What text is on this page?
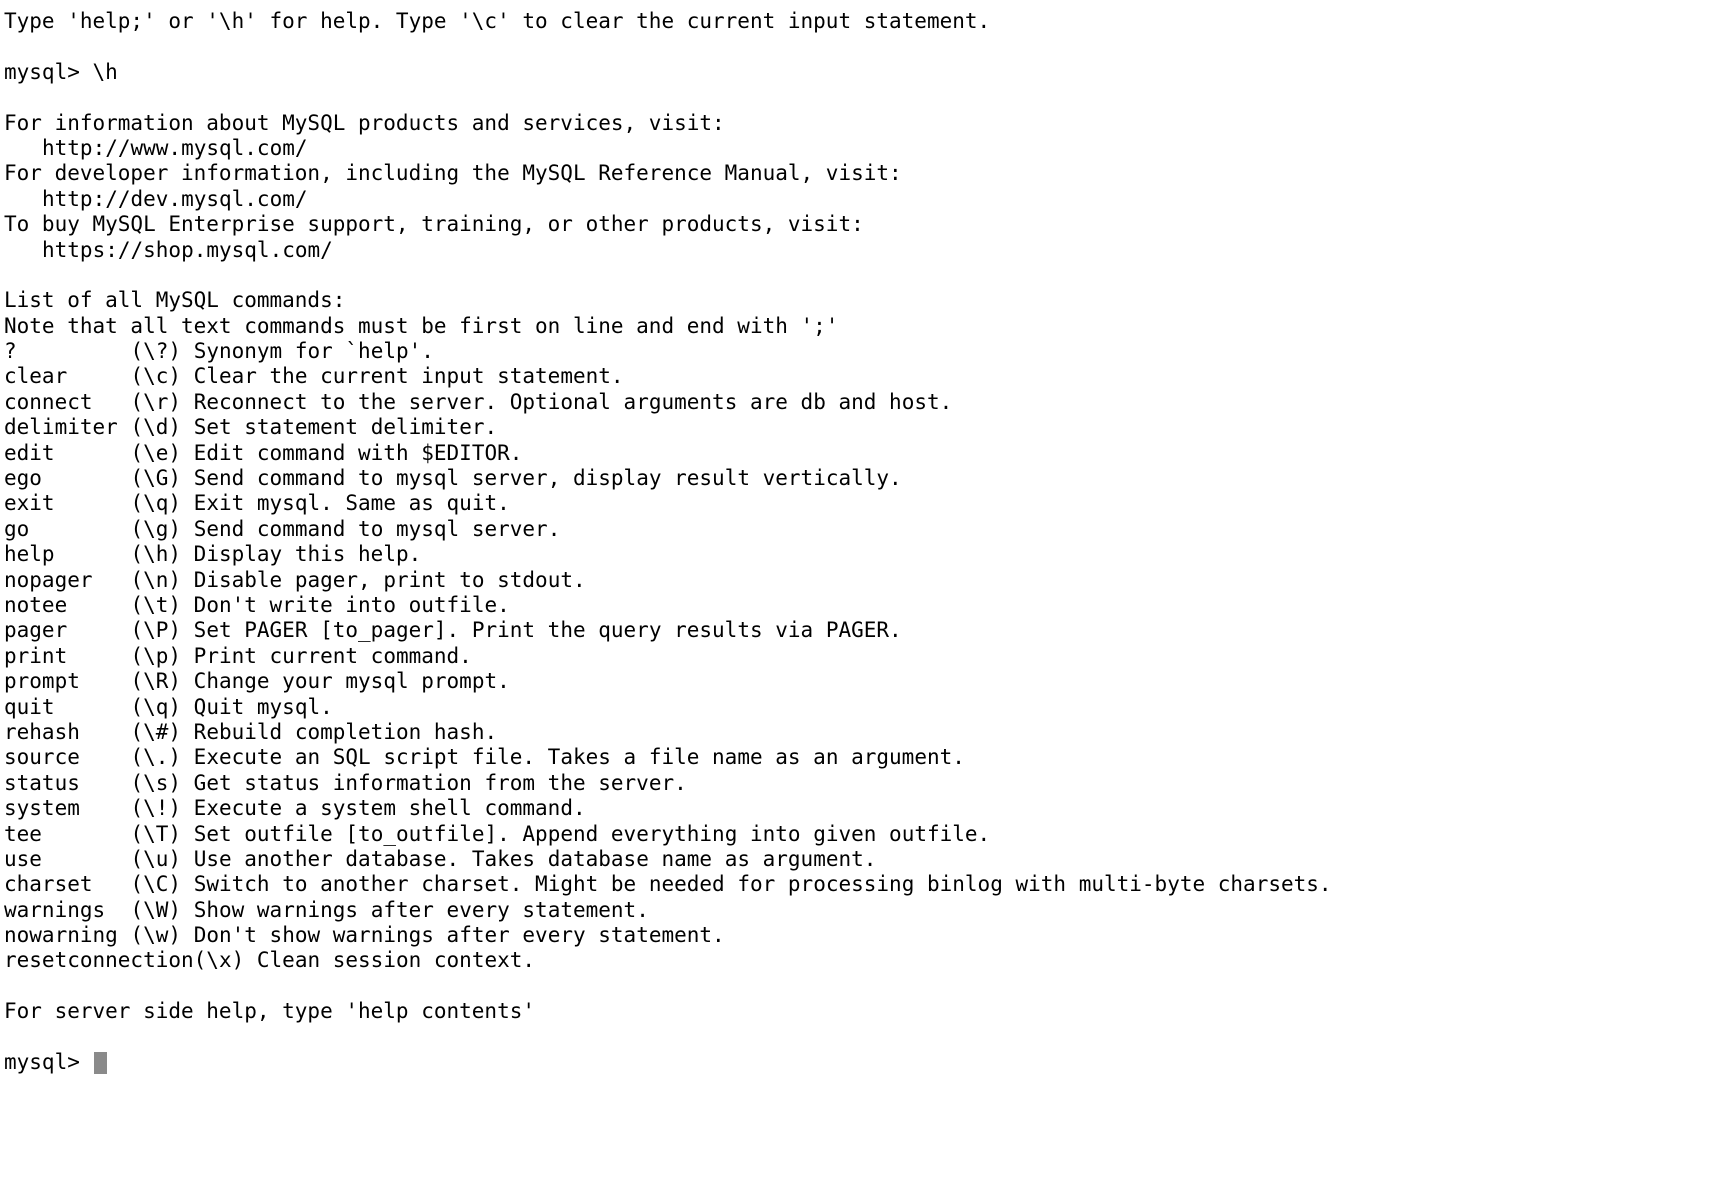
Type 'help;' or '\h' for help. Type '\c' to clear the current input statement.
mysql> \h
For information about MySQL products and services, visit:
http://www.mysql.com/
For developer information, including the MySQL Reference Manual, visit:
http://dev.mysql.com/
To buy MySQL Enterprise support, training, or other products, visit:
https://shop.mysql.com/
List of all MySQL commands:
Note that all text commands must be first on line and end with ';'
?	(\?) Synonym for `help'.
clear	(\c) Clear the current input statement.
connect (\r) Reconnect to the server. Optional arguments are db and host.
delimiter (\d) Set statement delimiter.
edit	(\e) Edit command with $EDITOR.
ego	(\G) Send command to mysql server, display result vertically.
exit	(\q) Exit mysql. Same as quit.
go	(\g) Send command to mysql server.
help	(\h) Display this help.
nopager (\n) Disable pager, print to stdout.
notee	(\t) Don't write into outfile.
pager	(\P) Set PAGER [to_pager]. Print the query results via PAGER.
print	(\p) Print current command.
prompt (\R) Change your mysql prompt.
quit	(\q) Quit mysql.
rehash (\#) Rebuild completion hash.
source (\.) Execute an SQL script file. Takes a file name as an argument.
status (\s) Get status information from the server.
system (\!) Execute a system shell command.
tee	(\T) Set outfile [to_outfile]. Append everything into given outfile.
use	(\u) Use another database. Takes database name as argument.
charset (\C) Switch to another charset. Might be needed for processing binlog with multi-byte charsets.
warnings (\W) Show warnings after every statement.
nowarning (\w) Don't show warnings after every statement.
resetconnection(\x) Clean session context.
For server side help, type 'help contents'
mysql>
